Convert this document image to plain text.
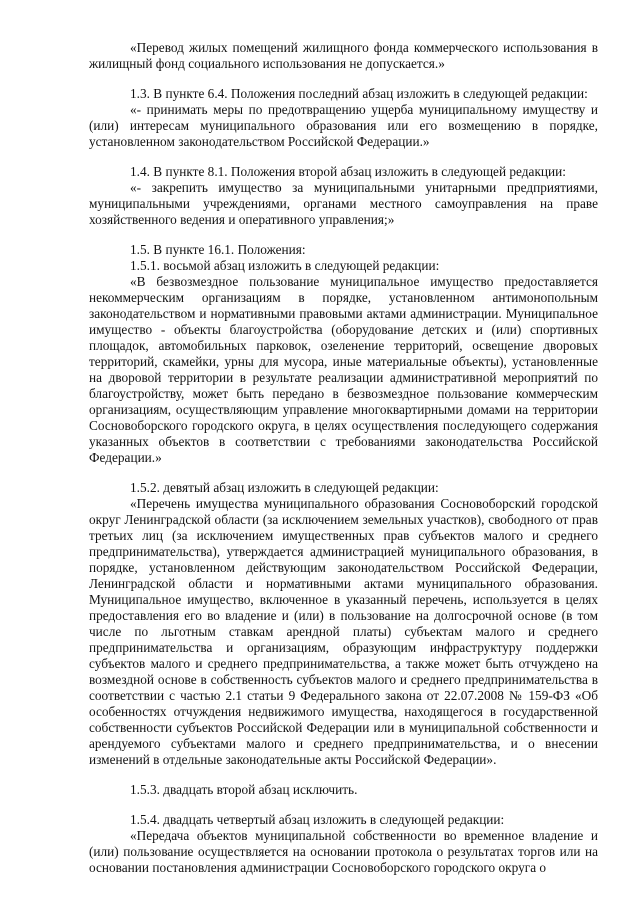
«Перевод жилых помещений жилищного фонда коммерческого использования в жилищный фонд социального использования не допускается.»

1.3. В пункте 6.4. Положения последний абзац изложить в следующей редакции:

«- принимать меры по предотвращению ущерба муниципальному имуществу и (или) интересам муниципального образования или его возмещению в порядке, установленном законодательством Российской Федерации.»

1.4. В пункте 8.1. Положения второй абзац изложить в следующей редакции:

«- закрепить имущество за муниципальными унитарными предприятиями, муниципальными учреждениями, органами местного самоуправления на праве хозяйственного ведения и оперативного управления;»

1.5. В пункте 16.1. Положения:

1.5.1. восьмой абзац изложить в следующей редакции:

«В безвозмездное пользование муниципальное имущество предоставляется некоммерческим организациям в порядке, установленном антимонопольным законодательством и нормативными правовыми актами администрации. Муниципальное имущество - объекты благоустройства (оборудование детских и (или) спортивных площадок, автомобильных парковок, озеленение территорий, освещение дворовых территорий, скамейки, урны для мусора, иные материальные объекты), установленные на дворовой территории в результате реализации административной мероприятий по благоустройству, может быть передано в безвозмездное пользование коммерческим организациям, осуществляющим управление многоквартирными домами на территории Сосновоборского городского округа, в целях осуществления последующего содержания указанных объектов в соответствии с требованиями законодательства Российской Федерации.»

1.5.2. девятый абзац изложить в следующей редакции:

«Перечень имущества муниципального образования Сосновоборский городской округ Ленинградской области (за исключением земельных участков), свободного от прав третьих лиц (за исключением имущественных прав субъектов малого и среднего предпринимательства), утверждается администрацией муниципального образования, в порядке, установленном действующим законодательством Российской Федерации, Ленинградской области и нормативными актами муниципального образования. Муниципальное имущество, включенное в указанный перечень, используется в целях предоставления его во владение и (или) в пользование на долгосрочной основе (в том числе по льготным ставкам арендной платы) субъектам малого и среднего предпринимательства и организациям, образующим инфраструктуру поддержки субъектов малого и среднего предпринимательства, а также может быть отчуждено на возмездной основе в собственность субъектов малого и среднего предпринимательства в соответствии с частью 2.1 статьи 9 Федерального закона от 22.07.2008 № 159-ФЗ «Об особенностях отчуждения недвижимого имущества, находящегося в государственной собственности субъектов Российской Федерации или в муниципальной собственности и арендуемого субъектами малого и среднего предпринимательства, и о внесении изменений в отдельные законодательные акты Российской Федерации».

1.5.3. двадцать второй абзац исключить.

1.5.4. двадцать четвертый абзац изложить в следующей редакции:

«Передача объектов муниципальной собственности во временное владение и (или) пользование осуществляется на основании протокола о результатах торгов или на основании постановления администрации Сосновоборского городского округа о
